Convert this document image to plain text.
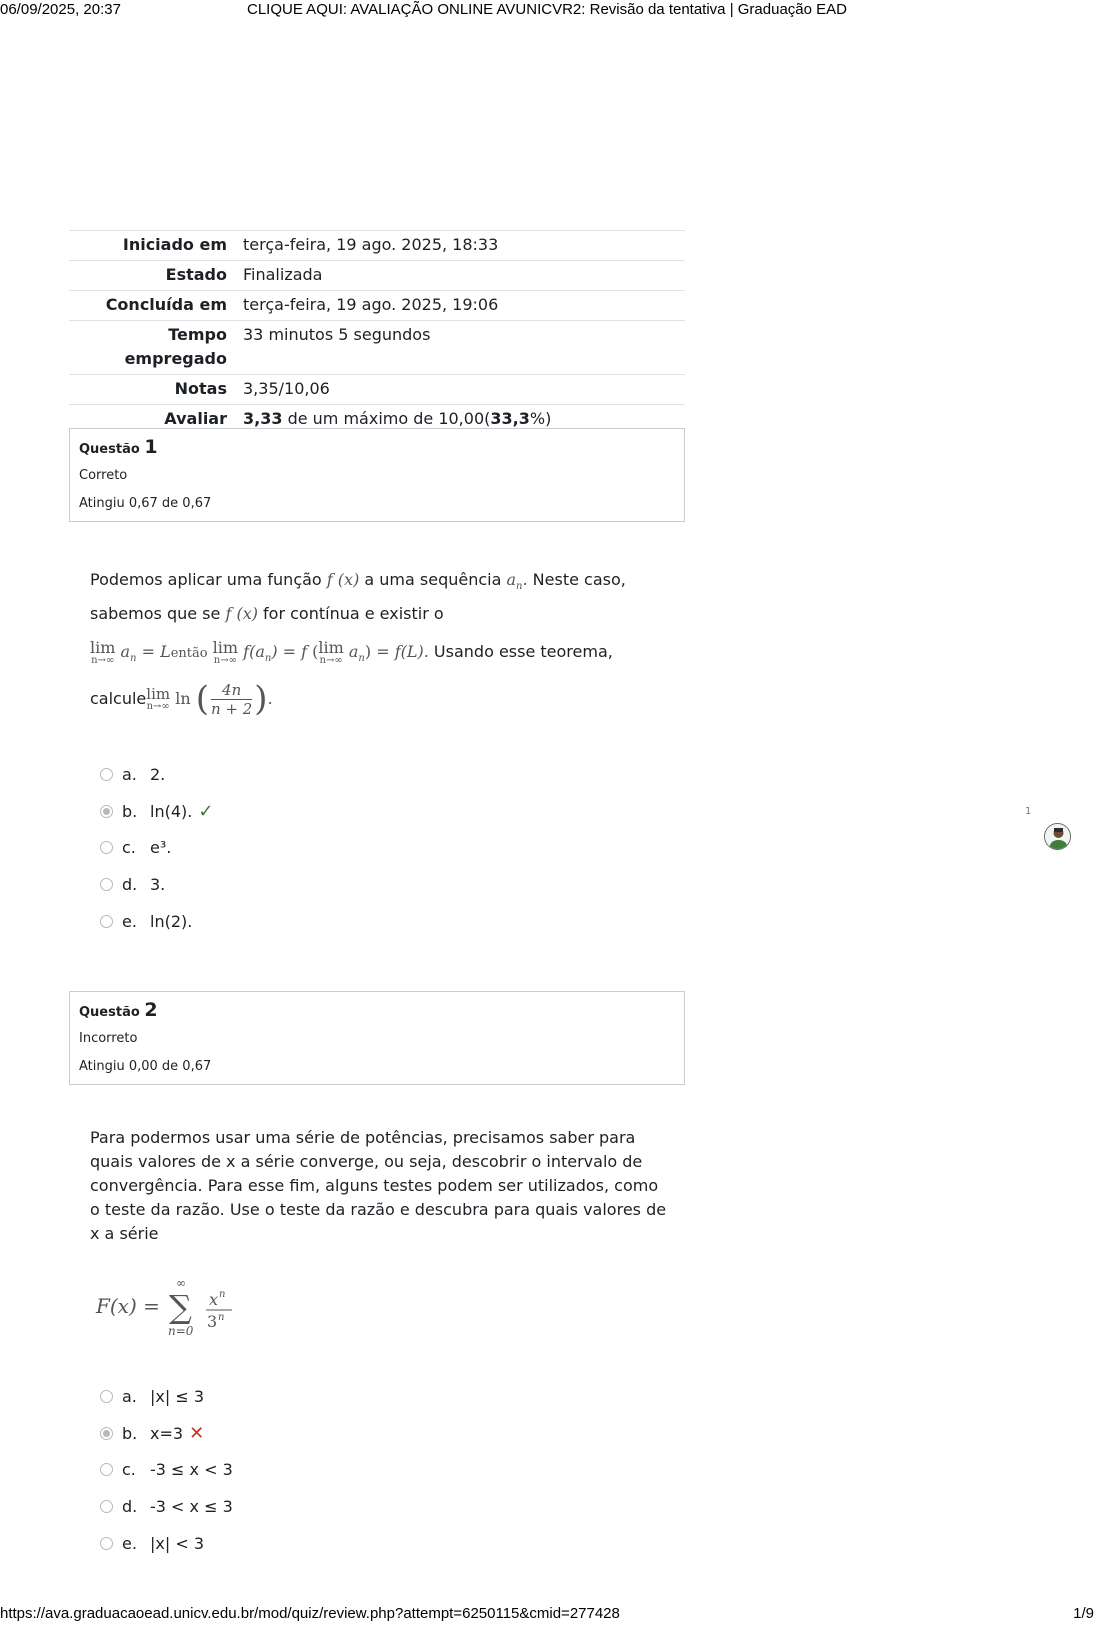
06/09/2025, 20:37	CLIQUE AQUI: AVALIAÇÃO ONLINE AVUNICVR2: Revisão da tentativa | Graduação EAD
Iniciado em	terça-feira, 19 ago. 2025, 18:33
Estado	Finalizada
Concluída em	terça-feira, 19 ago. 2025, 19:06
Tempo
empregado	33 minutos 5 segundos
Notas	3,35/10,06
Avaliar	3,33 de um máximo de 10,00(33,3%)
Questão 1
Correto
Atingiu 0,67 de 0,67
Podemos aplicar uma função f (x) a uma sequência $a_n$. Neste caso,
sabemos que se f (x) for contínua e existir o
lim
n→∞ $a_n$ = Lentão lim
n→∞ $f(a_n) = f$ (lim
n→∞ $a_n) = f(L)$. Usando esse teorema,
calcule lim
n→∞
ln
( $\frac{4n}{n + 2}$ ) .
a. 2.
b. ln(4). ✓
c. e³.
d. 3.
e. ln(2).
1
Questão 2
Incorreto
Atingiu 0,00 de 0,67
Para podermos usar uma série de potências, precisamos saber para
quais valores de x a série converge, ou seja, descobrir o intervalo de
convergência. Para esse fim, alguns testes podem ser utilizados, como
o teste da razão. Use o teste da razão e descubra para quais valores de
x a série
F(x) =
∞
∑
n=0
x n
3 n
a. |x| ≤ 3
b. x=3 ✕
c. -3 ≤ x < 3
d. -3 < x ≤ 3
e. |x| < 3
https://ava.graduacaoead.unicv.edu.br/mod/quiz/review.php?attempt=6250115&cmid=277428	1/9
